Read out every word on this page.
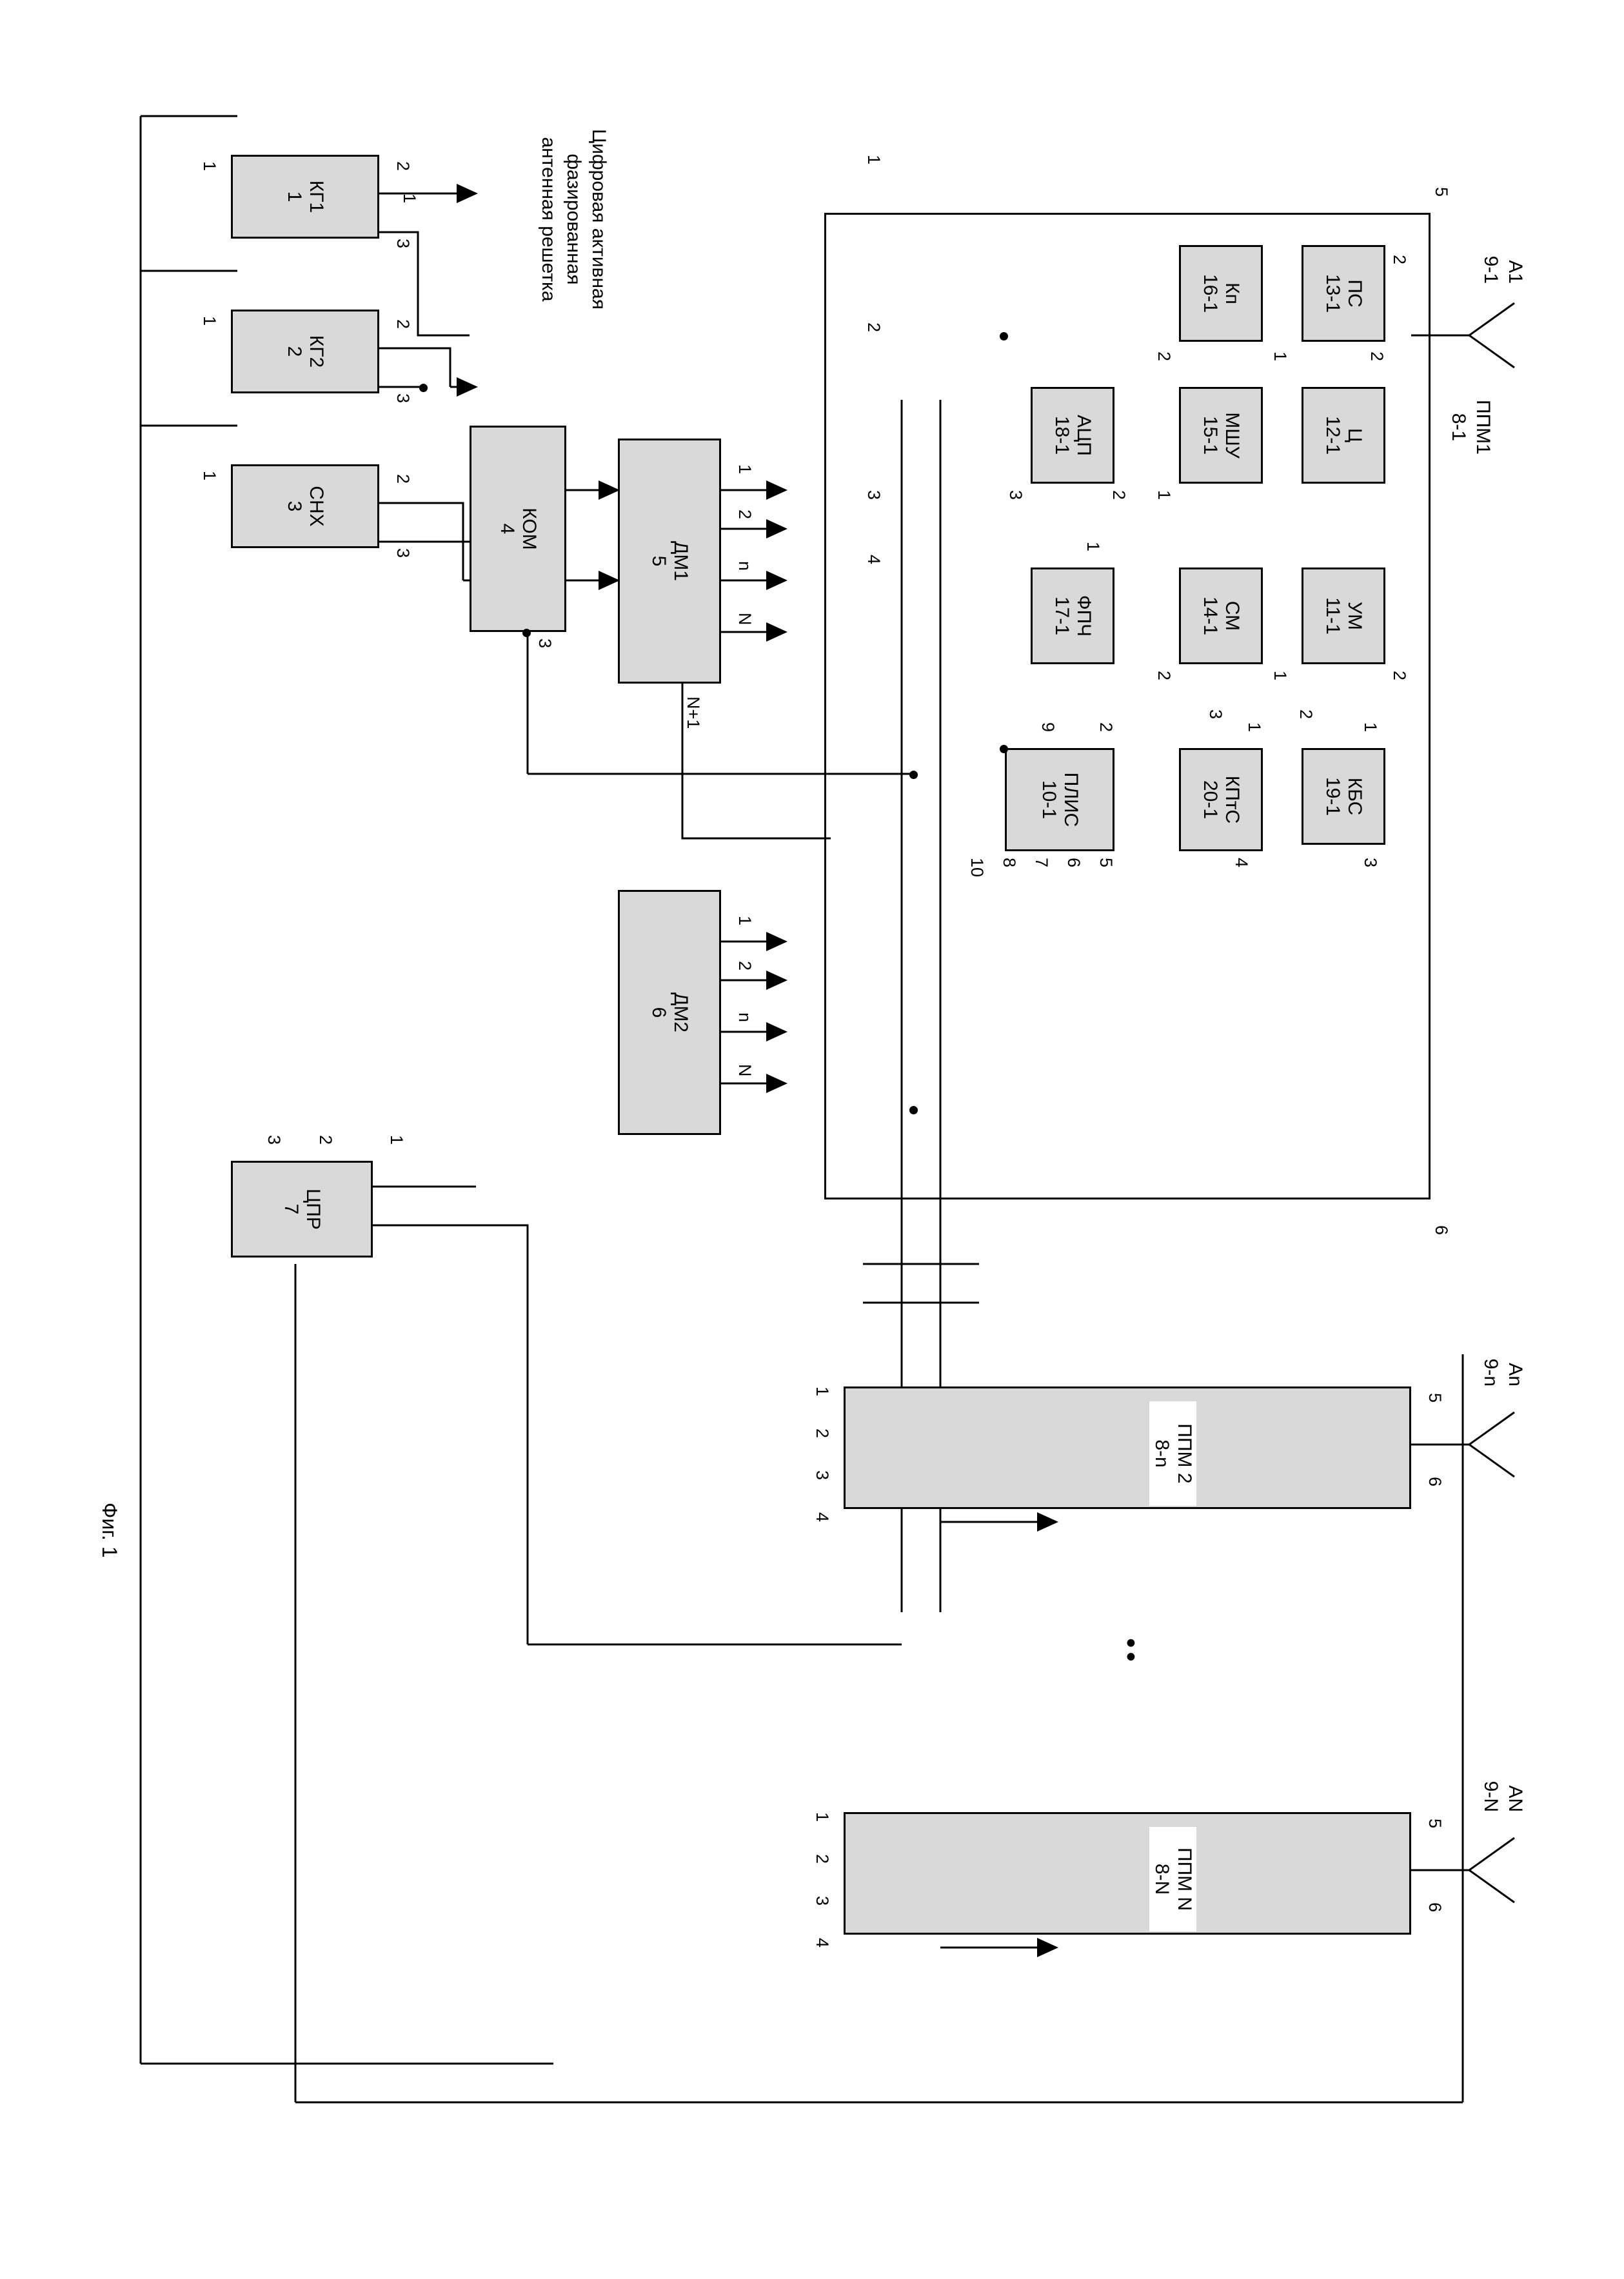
Цифровая активная фазированная
антенная решетка
Фиг. 1
ПС
13-1
Кп
16-1
Ц
12-1
МШУ
15-1
АЦП
18-1
УМ
11-1
СМ
14-1
ФПЧ
17-1
КБС
19-1
КПтС
20-1
ПЛИС
10-1
ППМ1
8-1
ППМ 2
8-n
ППМ N
8-N
••
КГ1
1
КГ2
2
СНХ
3
КОМ
4
ДМ1
5
ДМ2
6
ЦПР
7
А1
9-1
Аn
9-n
АN
9-N
2
1	2
2
1
3	2
1
2
1
2
1
1
2
9
3
4
5
6
7
8
10
2
3
1
2
3
4
1
2
n
N
1
2
n
N
N+1
3
1
2
3
2
3
2
3
1
1
1
1
2
3
5
6
5
6
1
2
3
4
1
2
3
4
5
6
